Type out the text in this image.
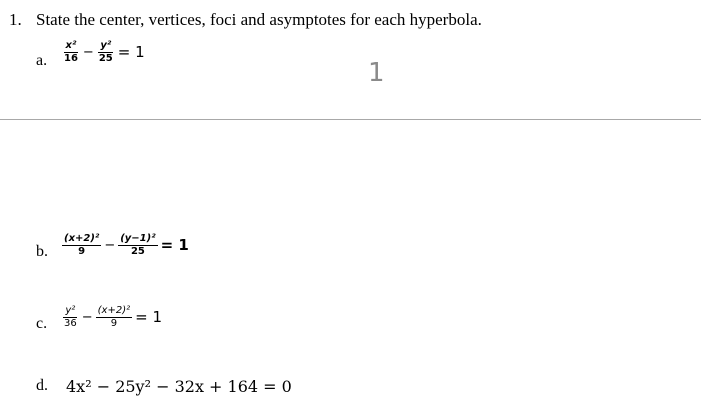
1. State the center, vertices, foci and asymptotes for each hyperbola.
a. $\frac{\text{x²}}{16} - \frac{\text{y²}}{25} = 1$
1
b. $\frac{\text{(x+2)²}}{9} - \frac{\text{(y−1)²}}{25} = 1$
c. $\frac{\text{y²}}{36} - \frac{\text{(x+2)²}}{9} = 1$
d. 4x² − 25y² − 32x + 164 = 0
